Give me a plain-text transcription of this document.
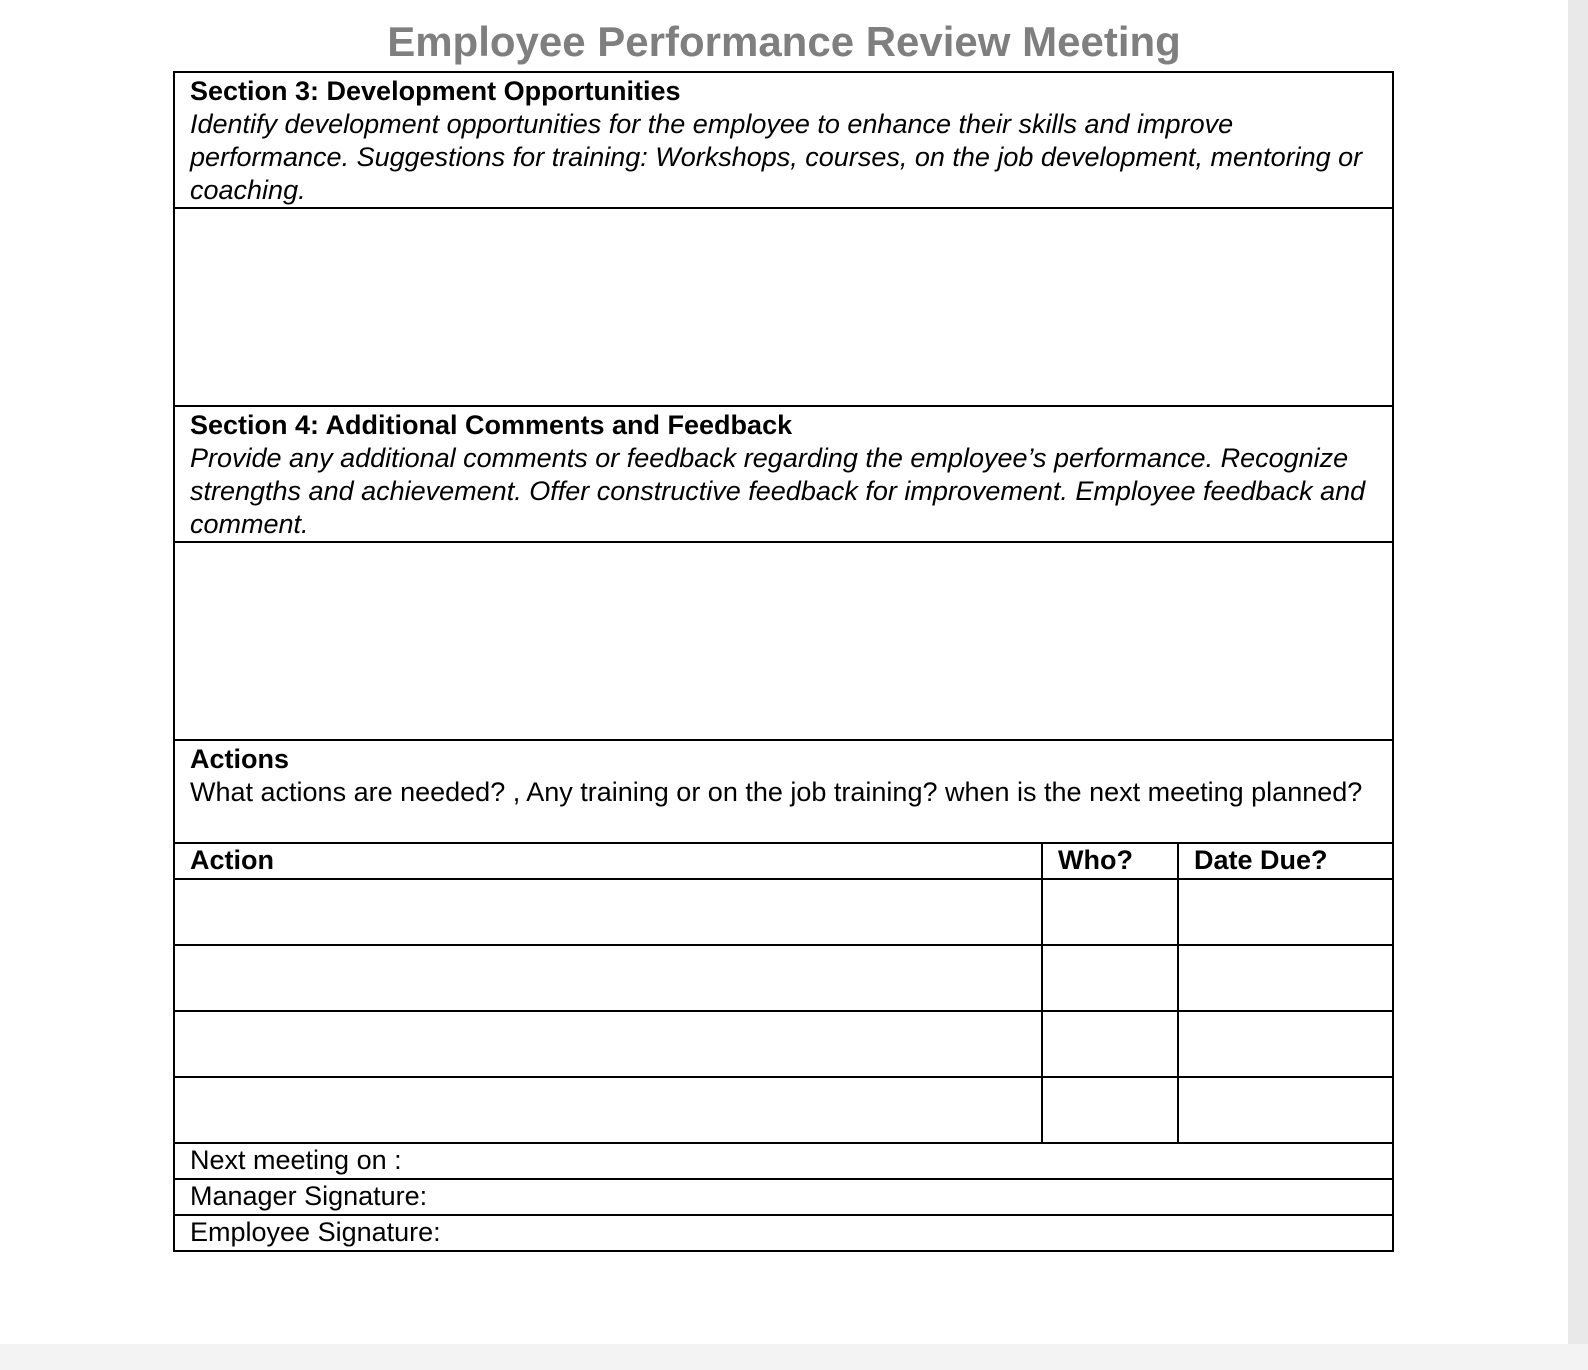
Employee Performance Review Meeting
Section 3: Development Opportunities
Identify development opportunities for the employee to enhance their skills and improve performance. Suggestions for training: Workshops, courses, on the job development, mentoring or coaching.		

Section 4: Additional Comments and Feedback
Provide any additional comments or feedback regarding the employee’s performance. Recognize strengths and achievement. Offer constructive feedback for improvement. Employee feedback and comment.		

Actions
What actions are needed? , Any training or on the job training? when is the next meeting planned?		

Action	Who?	Date Due?

Next meeting on :		
Manager Signature:		
Employee Signature:		
